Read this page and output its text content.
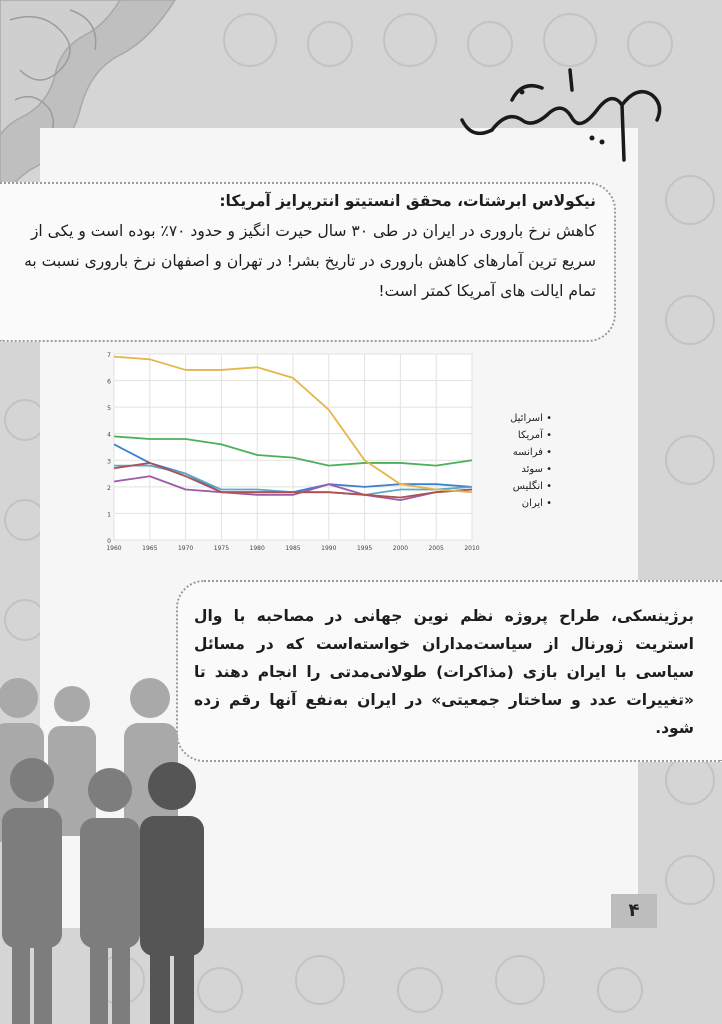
نیکولاس ابرشتات، محقق انستیتو انترپرایز آمریکا:

کاهش نرخ باروری در ایران در طی ۳۰ سال حیرت انگیز و حدود ۷۰٪ بوده است و یکی از سریع ترین آمارهای کاهش باروری در تاریخ بشر! در تهران و اصفهان نرخ باروری نسبت به تمام ایالت های آمریکا کمتر است!

0
1
2
3
4
5
6
7
1960	1965	1970	1975	1980	1985	1990	1995	2000	2005	2010
• اسرائیل
• آمریکا
• فرانسه
• سوئد
• انگلیس
• ایران
برژینسکی، طراح پروژه نظم نوین جهانی در مصاحبه با وال استریت ژورنال از سیاست‌مداران خواسته‌است که در مسائل سیاسی با ایران بازی (مذاکرات) طولانی‌مدتی را انجام دهند تا «تغییرات عدد و ساختار جمعیتی» در ایران به‌نفع آنها رقم زده شود.
۴
